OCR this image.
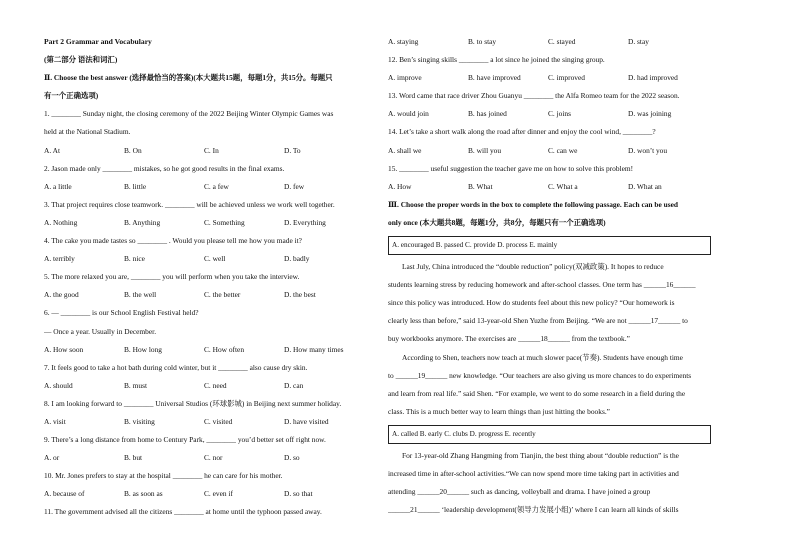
Part 2 Grammar and Vocabulary
(第二部分 语法和词汇)
Ⅱ. Choose the best answer (选择最恰当的答案)(本大题共15题，每题1分，共15分。每题只
有一个正确选项)
1. ________ Sunday night, the closing ceremony of the 2022 Beijing Winter Olympic Games was
held at the National Stadium.
A. At	B. On	C. In	D. To
2. Jason made only ________ mistakes, so he got good results in the final exams.
A. a little	B. little	C. a few	D. few
3. That project requires close teamwork. ________ will be achieved unless we work well together.
A. Nothing	B. Anything	C. Something	D. Everything
4. The cake you made tastes so ________ . Would you please tell me how you made it?
A. terribly	B. nice	C. well	D. badly
5. The more relaxed you are, ________ you will perform when you take the interview.
A. the good	B. the well	C. the better	D. the best
6. — ________ is our School English Festival held?
— Once a year. Usually in December.
A. How soon	B. How long	C. How often	D. How many times
7. It feels good to take a hot bath during cold winter, but it ________ also cause dry skin.
A. should	B. must	C. need	D. can
8. I am looking forward to ________ Universal Studios (环球影城) in Beijing next summer holiday.
A. visit	B. visiting	C. visited	D. have visited
9. There’s a long distance from home to Century Park, ________ you’d better set off right now.
A. or	B. but	C. nor	D. so
10. Mr. Jones prefers to stay at the hospital ________ he can care for his mother.
A. because of	B. as soon as	C. even if	D. so that
11. The government advised all the citizens ________ at home until the typhoon passed away.
A. staying	B. to stay	C. stayed	D. stay
12. Ben’s singing skills ________ a lot since he joined the singing group.
A. improve	B. have improved	C. improved	D. had improved
13. Word came that race driver Zhou Guanyu ________ the Alfa Romeo team for the 2022 season.
A. would join	B. has joined	C. joins	D. was joining
14. Let’s take a short walk along the road after dinner and enjoy the cool wind, ________?
A. shall we	B. will you	C. can we	D. won’t you
15. ________ useful suggestion the teacher gave me on how to solve this problem!
A. How	B. What	C. What a	D. What an
Ⅲ. Choose the proper words in the box to complete the following passage. Each can be used
only once (本大题共8题，每题1分，共8分，每题只有一个正确选项)
A. encouraged B. passed C. provide D. process E. mainly
Last July, China introduced the “double reduction” policy(双减政策). It hopes to reduce
students learning stress by reducing homework and after-school classes. One term has ______16______
since this policy was introduced. How do students feel about this new policy? “Our homework is
clearly less than before,” said 13-year-old Shen Yuzhe from Beijing. “We are not ______17______ to
buy workbooks anymore. The exercises are ______18______ from the textbook.”
According to Shen, teachers now teach at much slower pace(节奏). Students have enough time
to ______19______ new knowledge. “Our teachers are also giving us more chances to do experiments
and learn from real life.” said Shen. “For example, we went to do some research in a field during the
class. This is a much better way to learn things than just hitting the books.”
A. called B. early C. clubs D. progress E. recently
For 13-year-old Zhang Hangming from Tianjin, the best thing about “double reduction” is the
increased time in after-school activities.“We can now spend more time taking part in activities and
attending ______20______ such as dancing, volleyball and drama. I have joined a group
______21______ ‘leadership development(领导力发展小组)’ where I can learn all kinds of skills
